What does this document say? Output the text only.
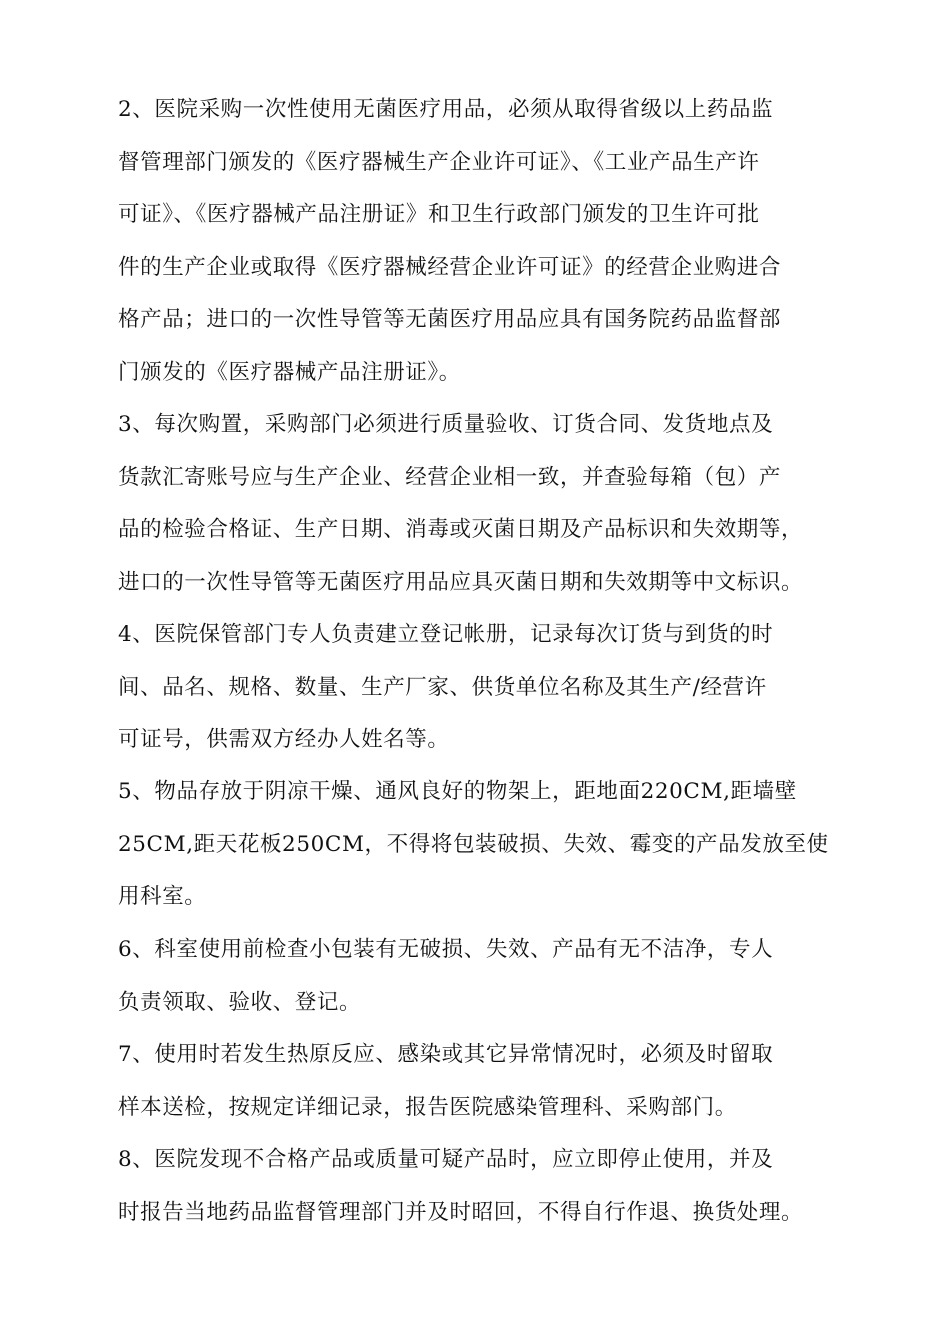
2、医院采购一次性使用无菌医疗用品，必须从取得省级以上药品监
督管理部门颁发的《医疗器械生产企业许可证》、《工业产品生产许
可证》、《医疗器械产品注册证》和卫生行政部门颁发的卫生许可批
件的生产企业或取得《医疗器械经营企业许可证》的经营企业购进合
格产品；进口的一次性导管等无菌医疗用品应具有国务院药品监督部
门颁发的《医疗器械产品注册证》。
3、每次购置，采购部门必须进行质量验收、订货合同、发货地点及
货款汇寄账号应与生产企业、经营企业相一致，并查验每箱（包）产
品的检验合格证、生产日期、消毒或灭菌日期及产品标识和失效期等，
进口的一次性导管等无菌医疗用品应具灭菌日期和失效期等中文标识。
4、医院保管部门专人负责建立登记帐册，记录每次订货与到货的时
间、品名、规格、数量、生产厂家、供货单位名称及其生产/经营许
可证号，供需双方经办人姓名等。
5、物品存放于阴凉干燥、通风良好的物架上，距地面220CM,距墙壁
25CM,距天花板250CM，不得将包装破损、失效、霉变的产品发放至使
用科室。
6、科室使用前检查小包装有无破损、失效、产品有无不洁净，专人
负责领取、验收、登记。
7、使用时若发生热原反应、感染或其它异常情况时，必须及时留取
样本送检，按规定详细记录，报告医院感染管理科、采购部门。
8、医院发现不合格产品或质量可疑产品时，应立即停止使用，并及
时报告当地药品监督管理部门并及时昭回，不得自行作退、换货处理。
